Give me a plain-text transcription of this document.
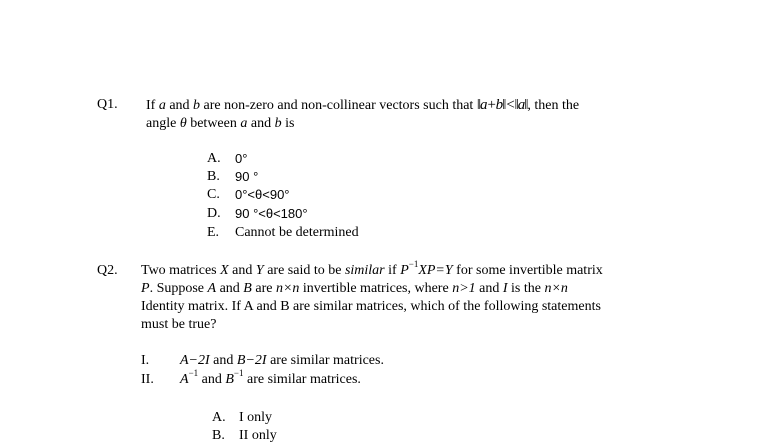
Q1. If a and b are non-zero and non-collinear vectors such that ‖a+b‖<‖a‖, then the
angle θ between a and b is
A. 0°
B. 90 °
C. 0°<θ<90°
D. 90 °<θ<180°
E. Cannot be determined
Q2. Two matrices X and Y are said to be similar if $P^{-1}XP=Y$ for some invertible matrix
P. Suppose A and B are n×n invertible matrices, where n>1 and I is the n×n
Identity matrix. If A and B are similar matrices, which of the following statements
must be true?
I. A−2I and B−2I are similar matrices.
II. $A^{-1}$ and $B^{-1}$ are similar matrices.
A. I only
B. II only
